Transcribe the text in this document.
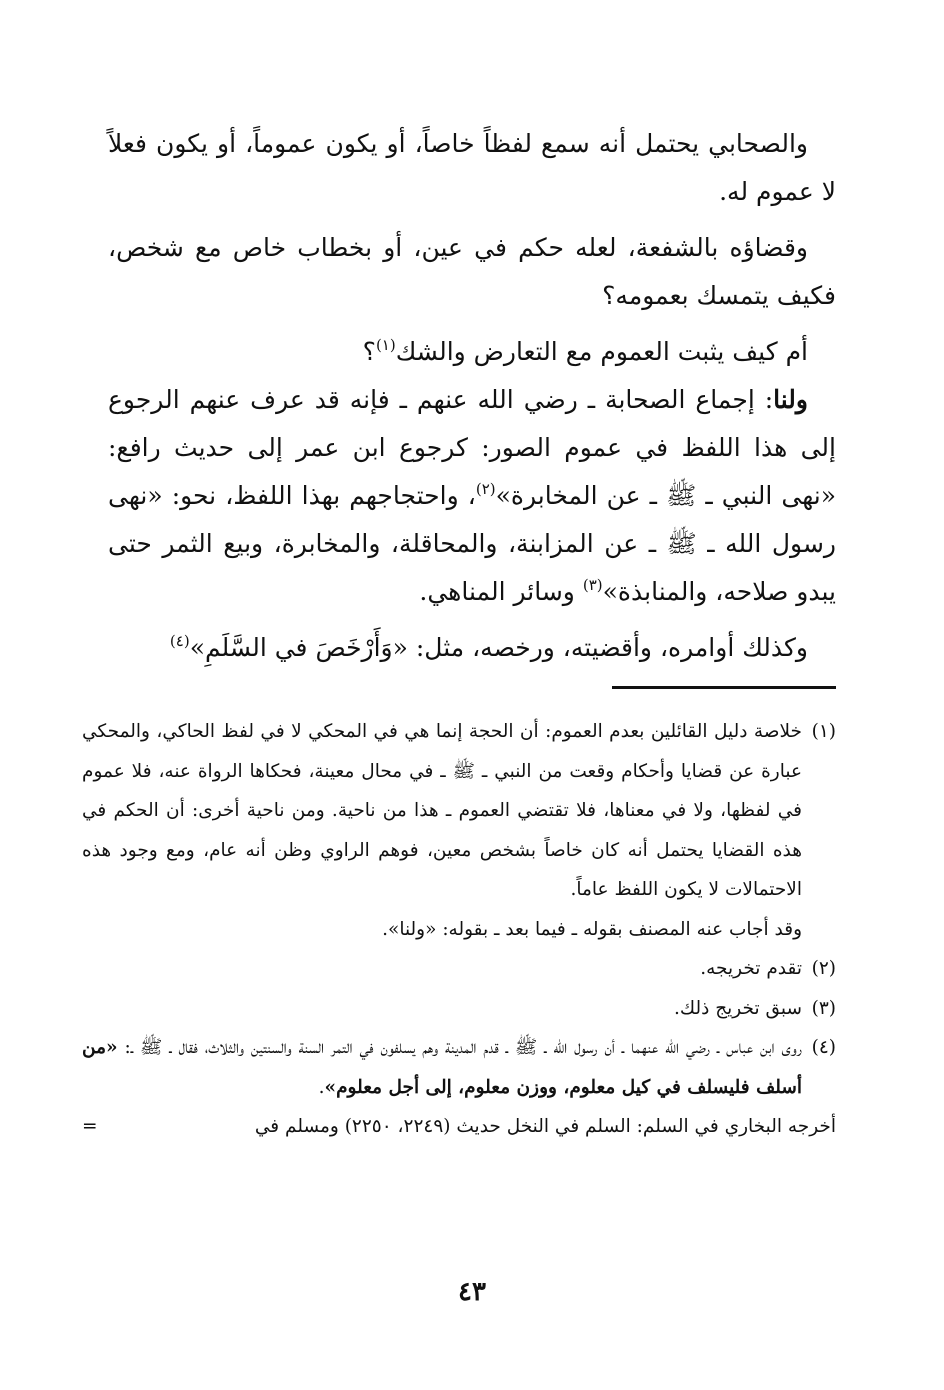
والصحابي يحتمل أنه سمع لفظاً خاصاً، أو يكون عموماً، أو يكون فعلاً لا عموم له.

وقضاؤه بالشفعة، لعله حكم في عين، أو بخطاب خاص مع شخص، فكيف يتمسك بعمومه؟

أم كيف يثبت العموم مع التعارض والشك$^{(١)}$؟

ولنا: إجماع الصحابة ـ رضي الله عنهم ـ فإنه قد عرف عنهم الرجوع إلى هذا اللفظ في عموم الصور: كرجوع ابن عمر إلى حديث رافع: «نهى النبي ـ ﷺ ـ عن المخابرة»$^{(٢)}$، واحتجاجهم بهذا اللفظ، نحو: «نهى رسول الله ـ ﷺ ـ عن المزابنة، والمحاقلة، والمخابرة، وبيع الثمر حتى يبدو صلاحه، والمنابذة»$^{(٣)}$ وسائر المناهي.

وكذلك أوامره، وأقضيته، ورخصه، مثل: «وَأَرْخَصَ في السَّلَمِ»$^{(٤)}$

(١)
خلاصة دليل القائلين بعدم العموم: أن الحجة إنما هي في المحكي لا في لفظ الحاكي، والمحكي عبارة عن قضايا وأحكام وقعت من النبي ـ ﷺ ـ في محال معينة، فحكاها الرواة عنه، فلا عموم في لفظها، ولا في معناها، فلا تقتضي العموم ـ هذا من ناحية. ومن ناحية أخرى: أن الحكم في هذه القضايا يحتمل أنه كان خاصاً بشخص معين، فوهم الراوي وظن أنه عام، ومع وجود هذه الاحتمالات لا يكون اللفظ عاماً.
وقد أجاب عنه المصنف بقوله ـ فيما بعد ـ بقوله: «ولنا».
(٢)
تقدم تخريجه.
(٣)
سبق تخريج ذلك.
(٤)
روى ابن عباس ـ رضي الله عنهما ـ أن رسول الله ـ ﷺ ـ قدم المدينة وهم يسلفون في التمر السنة والسنتين والثلاث، فقال ـ ﷺ ـ: «من أسلف فليسلف في كيل معلوم، ووزن معلوم، إلى أجل معلوم».
أخرجه البخاري في السلم: السلم في النخل حديث (٢٢٤٩، ٢٢٥٠) ومسلم في
=
٤٣
